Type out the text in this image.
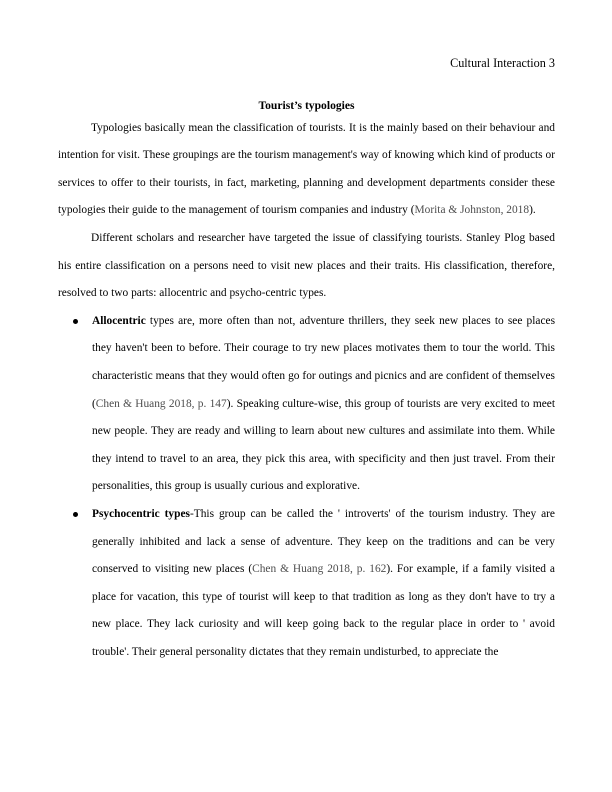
Cultural Interaction 3
Tourist’s typologies

Typologies basically mean the classification of tourists. It is the mainly based on their behaviour and intention for visit. These groupings are the tourism management's way of knowing which kind of products or services to offer to their tourists, in fact, marketing, planning and development departments consider these typologies their guide to the management of tourism companies and industry (Morita & Johnston, 2018).

Different scholars and researcher have targeted the issue of classifying tourists. Stanley Plog based his entire classification on a persons need to visit new places and their traits. His classification, therefore, resolved to two parts: allocentric and psycho-centric types.

Allocentric types are, more often than not, adventure thrillers, they seek new places to see places they haven't been to before. Their courage to try new places motivates them to tour the world. This characteristic means that they would often go for outings and picnics and are confident of themselves (Chen & Huang 2018, p. 147). Speaking culture-wise, this group of tourists are very excited to meet new people. They are ready and willing to learn about new cultures and assimilate into them. While they intend to travel to an area, they pick this area, with specificity and then just travel. From their personalities, this group is usually curious and explorative.
Psychocentric types-This group can be called the ' introverts' of the tourism industry. They are generally inhibited and lack a sense of adventure. They keep on the traditions and can be very conserved to visiting new places (Chen & Huang 2018, p. 162). For example, if a family visited a place for vacation, this type of tourist will keep to that tradition as long as they don't have to try a new place. They lack curiosity and will keep going back to the regular place in order to ' avoid trouble'. Their general personality dictates that they remain undisturbed, to appreciate the
